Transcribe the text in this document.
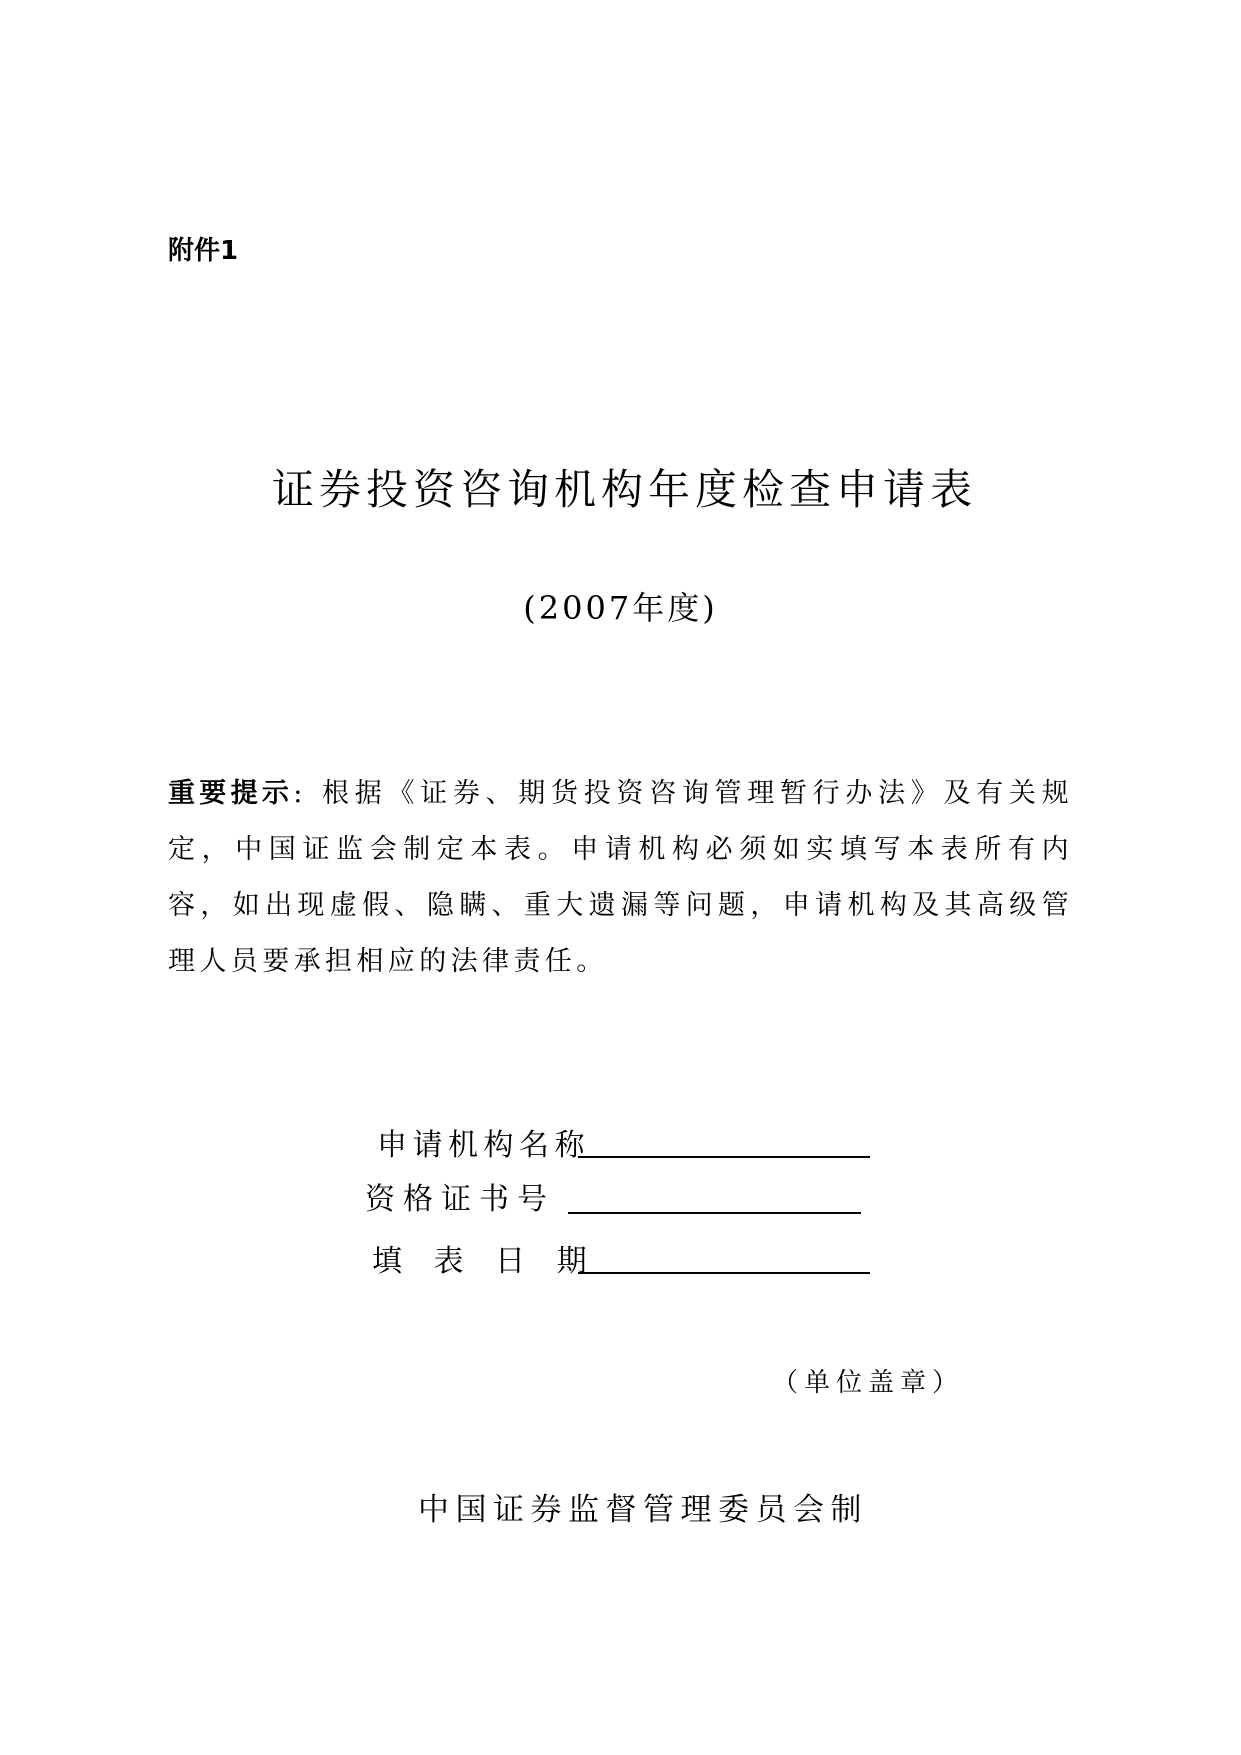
附件1
证券投资咨询机构年度检查申请表
(2007年度)
重要提示: 根据《证券、期货投资咨询管理暂行办法》及有关规定，中国证监会制定本表。申请机构必须如实填写本表所有内容，如出现虚假、隐瞒、重大遗漏等问题，申请机构及其高级管理人员要承担相应的法律责任。
申请机构名称
资格证书号
填 表 日 期
（单位盖章）
中国证券监督管理委员会制
